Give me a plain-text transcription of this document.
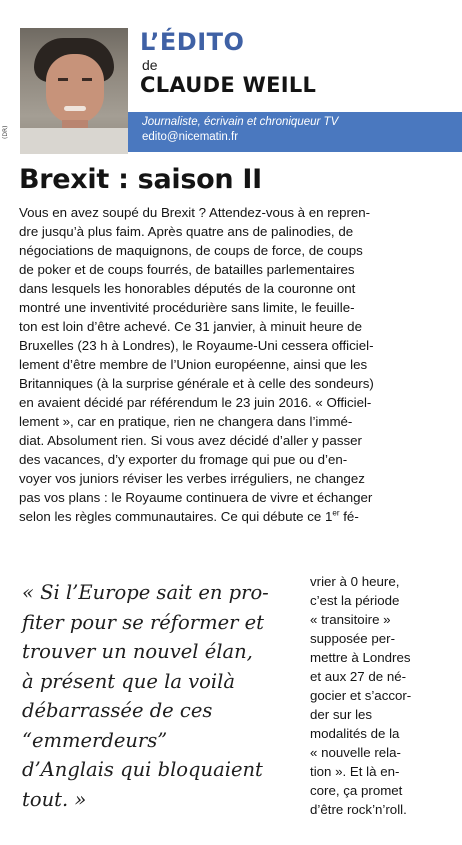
(DR)
L’ÉDITO
de
CLAUDE WEILL
Journaliste, écrivain et chroniqueur TV
edito@nicematin.fr
Brexit : saison II
Vous en avez soupé du Brexit ? Attendez-vous à en repren-
dre jusqu’à plus faim. Après quatre ans de palinodies, de
négociations de maquignons, de coups de force, de coups
de poker et de coups fourrés, de batailles parlementaires
dans lesquels les honorables députés de la couronne ont
montré une inventivité procédurière sans limite, le feuille-
ton est loin d’être achevé. Ce 31 janvier, à minuit heure de
Bruxelles (23 h à Londres), le Royaume-Uni cessera officiel-
lement d’être membre de l’Union européenne, ainsi que les
Britanniques (à la surprise générale et à celle des sondeurs)
en avaient décidé par référendum le 23 juin 2016. « Officiel-
lement », car en pratique, rien ne changera dans l’immé-
diat. Absolument rien. Si vous avez décidé d’aller y passer
des vacances, d’y exporter du fromage qui pue ou d’en-
voyer vos juniors réviser les verbes irréguliers, ne changez
pas vos plans : le Royaume continuera de vivre et échanger
selon les règles communautaires. Ce qui débute ce 1er fé-
« Si l’Europe sait en pro-
fiter pour se réformer et
trouver un nouvel élan,
à présent que la voilà
débarrassée de ces
“emmerdeurs”
d’Anglais qui bloquaient
tout. »
vrier à 0 heure,
c’est la période
« transitoire »
supposée per-
mettre à Londres
et aux 27 de né-
gocier et s’accor-
der sur les
modalités de la
« nouvelle rela-
tion ». Et là en-
core, ça promet
d’être rock’n’roll.
